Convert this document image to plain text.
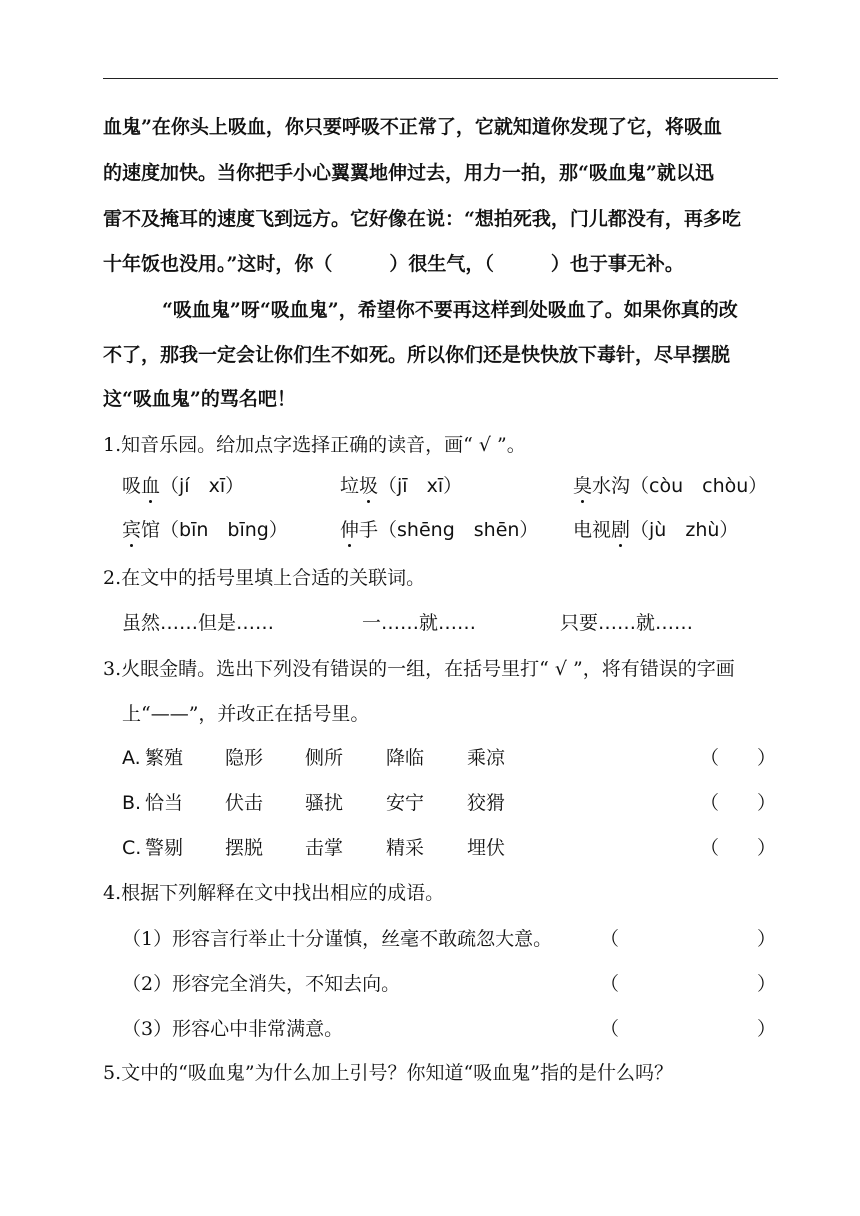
血鬼”在你头上吸血，你只要呼吸不正常了，它就知道你发现了它，将吸血
的速度加快。当你把手小心翼翼地伸过去，用力一拍，那“吸血鬼”就以迅
雷不及掩耳的速度飞到远方。它好像在说：“想拍死我，门儿都没有，再多吃
十年饭也没用。”这时，你（　　　）很生气，（　　　）也于事无补。
“吸血鬼”呀“吸血鬼”，希望你不要再这样到处吸血了。如果你真的改
不了，那我一定会让你们生不如死。所以你们还是快快放下毒针，尽早摆脱
这“吸血鬼”的骂名吧！
1.知音乐园。给加点字选择正确的读音，画“ √ ”。
吸血（jí　xī）	垃圾（jī　xī）	臭水沟（còu　chòu）
宾馆（bīn　bīng）	伸手（shēng　shēn） 电视剧（jù　zhù）
2.在文中的括号里填上合适的关联词。
虽然……但是……	一……就……	只要……就……
3.火眼金睛。选出下列没有错误的一组，在括号里打“ √ ”，将有错误的字画
上“——”，并改正在括号里。
A. 繁殖 隐形 侧所 降临 乘凉	（　　）
B. 恰当 伏击 骚扰 安宁 狡猾	（　　）
C. 警剔 摆脱 击掌 精采 埋伏	（　　）
4.根据下列解释在文中找出相应的成语。
（1）形容言行举止十分谨慎，丝毫不敢疏忽大意。	（	）
（2）形容完全消失，不知去向。	（	）
（3）形容心中非常满意。	（	）
5.文中的“吸血鬼”为什么加上引号？你知道“吸血鬼”指的是什么吗？
